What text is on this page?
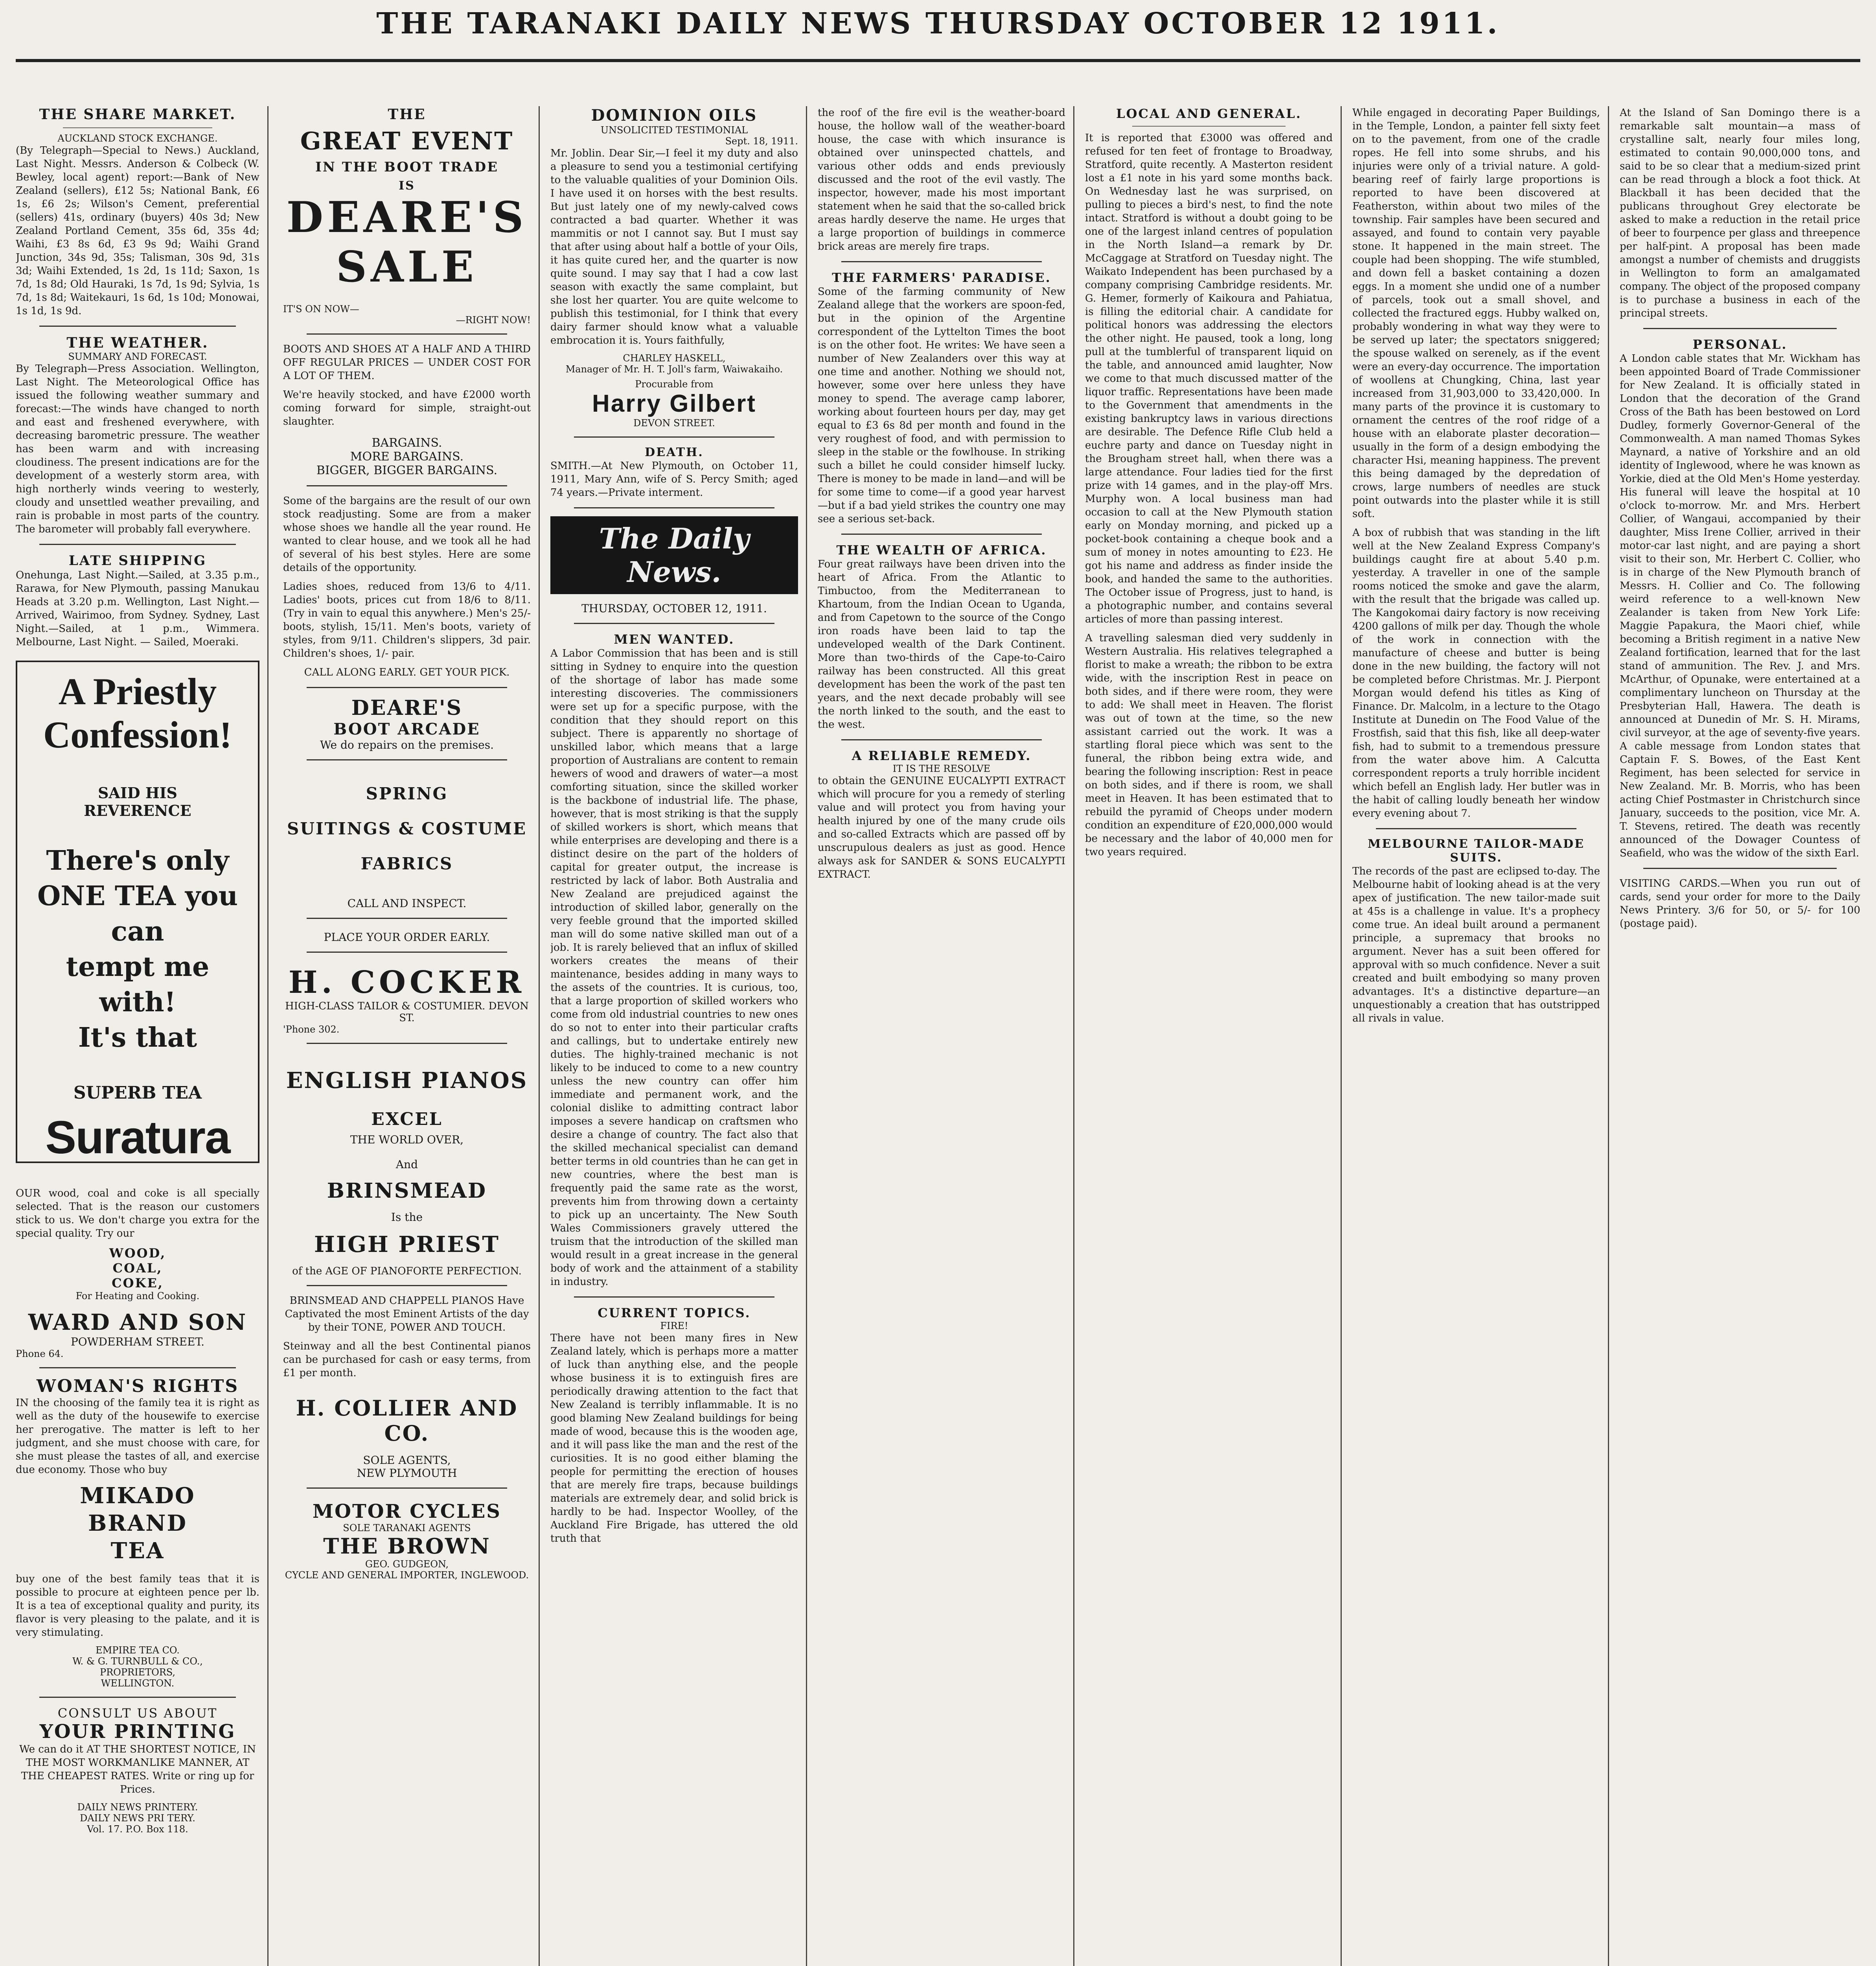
THE TARANAKI DAILY NEWS THURSDAY OCTOBER 12 1911.
THE SHARE MARKET.
AUCKLAND STOCK EXCHANGE.

(By Telegraph—Special to News.) Auckland, Last Night. Messrs. Anderson & Colbeck (W. Bewley, local agent) report:—Bank of New Zealand (sellers), £12 5s; National Bank, £6 1s, £6 2s; Wilson's Cement, preferential (sellers) 41s, ordinary (buyers) 40s 3d; New Zealand Portland Cement, 35s 6d, 35s 4d; Waihi, £3 8s 6d, £3 9s 9d; Waihi Grand Junction, 34s 9d, 35s; Talisman, 30s 9d, 31s 3d; Waihi Extended, 1s 2d, 1s 11d; Saxon, 1s 7d, 1s 8d; Old Hauraki, 1s 7d, 1s 9d; Sylvia, 1s 7d, 1s 8d; Waitekauri, 1s 6d, 1s 10d; Monowai, 1s 1d, 1s 9d.

THE WEATHER.
SUMMARY AND FORECAST.

By Telegraph—Press Association. Wellington, Last Night. The Meteorological Office has issued the following weather summary and forecast:—The winds have changed to north and east and freshened everywhere, with decreasing barometric pressure. The weather has been warm and with increasing cloudiness. The present indications are for the development of a westerly storm area, with high northerly winds veering to westerly, cloudy and unsettled weather prevailing, and rain is probable in most parts of the country. The barometer will probably fall everywhere.

LATE SHIPPING

Onehunga, Last Night.—Sailed, at 3.35 p.m., Rarawa, for New Plymouth, passing Manukau Heads at 3.20 p.m. Wellington, Last Night.—Arrived, Wairimoo, from Sydney. Sydney, Last Night.—Sailed, at 1 p.m., Wimmera. Melbourne, Last Night. — Sailed, Moeraki.

A Priestly
Confession!
SAID HIS REVERENCE
There's only
ONE TEA you can
tempt me with!
It's that
SUPERB TEA
Suratura

OUR wood, coal and coke is all specially selected. That is the reason our customers stick to us. We don't charge you extra for the special quality. Try our

WOOD,
COAL,
COKE,
For Heating and Cooking.
WARD AND SON
POWDERHAM STREET.
Phone 64.
WOMAN'S RIGHTS

IN the choosing of the family tea it is right as well as the duty of the housewife to exercise her prerogative. The matter is left to her judgment, and she must choose with care, for she must please the tastes of all, and exercise due economy. Those who buy

MIKADO
BRAND
TEA

buy one of the best family teas that it is possible to procure at eighteen pence per lb. It is a tea of exceptional quality and purity, its flavor is very pleasing to the palate, and it is very stimulating.

EMPIRE TEA CO.
W. & G. TURNBULL & CO.,
PROPRIETORS,
WELLINGTON.
CONSULT US ABOUT
YOUR PRINTING

We can do it AT THE SHORTEST NOTICE, IN THE MOST WORKMANLIKE MANNER, AT THE CHEAPEST RATES. Write or ring up for Prices.

DAILY NEWS PRINTERY.
DAILY NEWS PRI TERY.
Vol. 17. P.O. Box 118.
THE
GREAT EVENT
IN THE BOOT TRADE
IS
DEARE'S
SALE
IT'S ON NOW—
—RIGHT NOW!

BOOTS AND SHOES AT A HALF AND A THIRD OFF REGULAR PRICES — UNDER COST FOR A LOT OF THEM.

We're heavily stocked, and have £2000 worth coming forward for simple, straight-out slaughter.

BARGAINS.
MORE BARGAINS.
BIGGER, BIGGER BARGAINS.

Some of the bargains are the result of our own stock readjusting. Some are from a maker whose shoes we handle all the year round. He wanted to clear house, and we took all he had of several of his best styles. Here are some details of the opportunity.

Ladies shoes, reduced from 13/6 to 4/11. Ladies' boots, prices cut from 18/6 to 8/11. (Try in vain to equal this anywhere.) Men's 25/- boots, stylish, 15/11. Men's boots, variety of styles, from 9/11. Children's slippers, 3d pair. Children's shoes, 1/- pair.

CALL ALONG EARLY. GET YOUR PICK.

DEARE'S
BOOT ARCADE
We do repairs on the premises.
SPRING
SUITINGS & COSTUME
FABRICS
CALL AND INSPECT.
PLACE YOUR ORDER EARLY.
H. COCKER
HIGH-CLASS TAILOR & COSTUMIER. DEVON ST.
'Phone 302.
ENGLISH PIANOS
EXCEL
THE WORLD OVER,
And
BRINSMEAD
Is the
HIGH PRIEST
of the AGE OF PIANOFORTE PERFECTION.

BRINSMEAD AND CHAPPELL PIANOS Have Captivated the most Eminent Artists of the day by their TONE, POWER AND TOUCH.

Steinway and all the best Continental pianos can be purchased for cash or easy terms, from £1 per month.

H. COLLIER AND CO.
SOLE AGENTS,
NEW PLYMOUTH
MOTOR CYCLES
SOLE TARANAKI AGENTS
THE BROWN
GEO. GUDGEON,
CYCLE AND GENERAL IMPORTER, INGLEWOOD.
DOMINION OILS
UNSOLICITED TESTIMONIAL
Sept. 18, 1911.

Mr. Joblin. Dear Sir,—I feel it my duty and also a pleasure to send you a testimonial certifying to the valuable qualities of your Dominion Oils. I have used it on horses with the best results. But just lately one of my newly-calved cows contracted a bad quarter. Whether it was mammitis or not I cannot say. But I must say that after using about half a bottle of your Oils, it has quite cured her, and the quarter is now quite sound. I may say that I had a cow last season with exactly the same complaint, but she lost her quarter. You are quite welcome to publish this testimonial, for I think that every dairy farmer should know what a valuable embrocation it is. Yours faithfully,

CHARLEY HASKELL,
Manager of Mr. H. T. Joll's farm, Waiwakaiho.
Procurable from
Harry Gilbert
DEVON STREET.
DEATH.

SMITH.—At New Plymouth, on October 11, 1911, Mary Ann, wife of S. Percy Smith; aged 74 years.—Private interment.

The Daily News.
THURSDAY, OCTOBER 12, 1911.
MEN WANTED.

A Labor Commission that has been and is still sitting in Sydney to enquire into the question of the shortage of labor has made some interesting discoveries. The commissioners were set up for a specific purpose, with the condition that they should report on this subject. There is apparently no shortage of unskilled labor, which means that a large proportion of Australians are content to remain hewers of wood and drawers of water—a most comforting situation, since the skilled worker is the backbone of industrial life. The phase, however, that is most striking is that the supply of skilled workers is short, which means that while enterprises are developing and there is a distinct desire on the part of the holders of capital for greater output, the increase is restricted by lack of labor. Both Australia and New Zealand are prejudiced against the introduction of skilled labor, generally on the very feeble ground that the imported skilled man will do some native skilled man out of a job. It is rarely believed that an influx of skilled workers creates the means of their maintenance, besides adding in many ways to the assets of the countries. It is curious, too, that a large proportion of skilled workers who come from old industrial countries to new ones do so not to enter into their particular crafts and callings, but to undertake entirely new duties. The highly-trained mechanic is not likely to be induced to come to a new country unless the new country can offer him immediate and permanent work, and the colonial dislike to admitting contract labor imposes a severe handicap on craftsmen who desire a change of country. The fact also that the skilled mechanical specialist can demand better terms in old countries than he can get in new countries, where the best man is frequently paid the same rate as the worst, prevents him from throwing down a certainty to pick up an uncertainty. The New South Wales Commissioners gravely uttered the truism that the introduction of the skilled man would result in a great increase in the general body of work and the attainment of a stability in industry.

CURRENT TOPICS.
FIRE!

There have not been many fires in New Zealand lately, which is perhaps more a matter of luck than anything else, and the people whose business it is to extinguish fires are periodically drawing attention to the fact that New Zealand is terribly inflammable. It is no good blaming New Zealand buildings for being made of wood, because this is the wooden age, and it will pass like the man and the rest of the curiosities. It is no good either blaming the people for permitting the erection of houses that are merely fire traps, because buildings materials are extremely dear, and solid brick is hardly to be had. Inspector Woolley, of the Auckland Fire Brigade, has uttered the old truth that

the roof of the fire evil is the weather-board house, the hollow wall of the weather-board house, the case with which insurance is obtained over uninspected chattels, and various other odds and ends previously discussed and the root of the evil vastly. The inspector, however, made his most important statement when he said that the so-called brick areas hardly deserve the name. He urges that a large proportion of buildings in commerce brick areas are merely fire traps.

THE FARMERS' PARADISE.

Some of the farming community of New Zealand allege that the workers are spoon-fed, but in the opinion of the Argentine correspondent of the Lyttelton Times the boot is on the other foot. He writes: We have seen a number of New Zealanders over this way at one time and another. Nothing we should not, however, some over here unless they have money to spend. The average camp laborer, working about fourteen hours per day, may get equal to £3 6s 8d per month and found in the very roughest of food, and with permission to sleep in the stable or the fowlhouse. In striking such a billet he could consider himself lucky. There is money to be made in land—and will be for some time to come—if a good year harvest—but if a bad yield strikes the country one may see a serious set-back.

THE WEALTH OF AFRICA.

Four great railways have been driven into the heart of Africa. From the Atlantic to Timbuctoo, from the Mediterranean to Khartoum, from the Indian Ocean to Uganda, and from Capetown to the source of the Congo iron roads have been laid to tap the undeveloped wealth of the Dark Continent. More than two-thirds of the Cape-to-Cairo railway has been constructed. All this great development has been the work of the past ten years, and the next decade probably will see the north linked to the south, and the east to the west.

A RELIABLE REMEDY.
IT IS THE RESOLVE

to obtain the GENUINE EUCALYPTI EXTRACT which will procure for you a remedy of sterling value and will protect you from having your health injured by one of the many crude oils and so-called Extracts which are passed off by unscrupulous dealers as just as good. Hence always ask for SANDER & SONS EUCALYPTI EXTRACT.

LOCAL AND GENERAL.

It is reported that £3000 was offered and refused for ten feet of frontage to Broadway, Stratford, quite recently. A Masterton resident lost a £1 note in his yard some months back. On Wednesday last he was surprised, on pulling to pieces a bird's nest, to find the note intact. Stratford is without a doubt going to be one of the largest inland centres of population in the North Island—a remark by Dr. McCaggage at Stratford on Tuesday night. The Waikato Independent has been purchased by a company comprising Cambridge residents. Mr. G. Hemer, formerly of Kaikoura and Pahiatua, is filling the editorial chair. A candidate for political honors was addressing the electors the other night. He paused, took a long, long pull at the tumblerful of transparent liquid on the table, and announced amid laughter, Now we come to that much discussed matter of the liquor traffic. Representations have been made to the Government that amendments in the existing bankruptcy laws in various directions are desirable. The Defence Rifle Club held a euchre party and dance on Tuesday night in the Brougham street hall, when there was a large attendance. Four ladies tied for the first prize with 14 games, and in the play-off Mrs. Murphy won. A local business man had occasion to call at the New Plymouth station early on Monday morning, and picked up a pocket-book containing a cheque book and a sum of money in notes amounting to £23. He got his name and address as finder inside the book, and handed the same to the authorities. The October issue of Progress, just to hand, is a photographic number, and contains several articles of more than passing interest.

A travelling salesman died very suddenly in Western Australia. His relatives telegraphed a florist to make a wreath; the ribbon to be extra wide, with the inscription Rest in peace on both sides, and if there were room, they were to add: We shall meet in Heaven. The florist was out of town at the time, so the new assistant carried out the work. It was a startling floral piece which was sent to the funeral, the ribbon being extra wide, and bearing the following inscription: Rest in peace on both sides, and if there is room, we shall meet in Heaven. It has been estimated that to rebuild the pyramid of Cheops under modern condition an expenditure of £20,000,000 would be necessary and the labor of 40,000 men for two years required.

While engaged in decorating Paper Buildings, in the Temple, London, a painter fell sixty feet on to the pavement, from one of the cradle ropes. He fell into some shrubs, and his injuries were only of a trivial nature. A gold-bearing reef of fairly large proportions is reported to have been discovered at Featherston, within about two miles of the township. Fair samples have been secured and assayed, and found to contain very payable stone. It happened in the main street. The couple had been shopping. The wife stumbled, and down fell a basket containing a dozen eggs. In a moment she undid one of a number of parcels, took out a small shovel, and collected the fractured eggs. Hubby walked on, probably wondering in what way they were to be served up later; the spectators sniggered; the spouse walked on serenely, as if the event were an every-day occurrence. The importation of woollens at Chungking, China, last year increased from 31,903,000 to 33,420,000. In many parts of the province it is customary to ornament the centres of the roof ridge of a house with an elaborate plaster decoration—usually in the form of a design embodying the character Hsi, meaning happiness. The prevent this being damaged by the depredation of crows, large numbers of needles are stuck point outwards into the plaster while it is still soft.

A box of rubbish that was standing in the lift well at the New Zealand Express Company's buildings caught fire at about 5.40 p.m. yesterday. A traveller in one of the sample rooms noticed the smoke and gave the alarm, with the result that the brigade was called up. The Kangokomai dairy factory is now receiving 4200 gallons of milk per day. Though the whole of the work in connection with the manufacture of cheese and butter is being done in the new building, the factory will not be completed before Christmas. Mr. J. Pierpont Morgan would defend his titles as King of Finance. Dr. Malcolm, in a lecture to the Otago Institute at Dunedin on The Food Value of the Frostfish, said that this fish, like all deep-water fish, had to submit to a tremendous pressure from the water above him. A Calcutta correspondent reports a truly horrible incident which befell an English lady. Her butler was in the habit of calling loudly beneath her window every evening about 7.

MELBOURNE TAILOR-MADE SUITS.

The records of the past are eclipsed to-day. The Melbourne habit of looking ahead is at the very apex of justification. The new tailor-made suit at 45s is a challenge in value. It's a prophecy come true. An ideal built around a permanent principle, a supremacy that brooks no argument. Never has a suit been offered for approval with so much confidence. Never a suit created and built embodying so many proven advantages. It's a distinctive departure—an unquestionably a creation that has outstripped all rivals in value.

At the Island of San Domingo there is a remarkable salt mountain—a mass of crystalline salt, nearly four miles long, estimated to contain 90,000,000 tons, and said to be so clear that a medium-sized print can be read through a block a foot thick. At Blackball it has been decided that the publicans throughout Grey electorate be asked to make a reduction in the retail price of beer to fourpence per glass and threepence per half-pint. A proposal has been made amongst a number of chemists and druggists in Wellington to form an amalgamated company. The object of the proposed company is to purchase a business in each of the principal streets.

PERSONAL.

A London cable states that Mr. Wickham has been appointed Board of Trade Commissioner for New Zealand. It is officially stated in London that the decoration of the Grand Cross of the Bath has been bestowed on Lord Dudley, formerly Governor-General of the Commonwealth. A man named Thomas Sykes Maynard, a native of Yorkshire and an old identity of Inglewood, where he was known as Yorkie, died at the Old Men's Home yesterday. His funeral will leave the hospital at 10 o'clock to-morrow. Mr. and Mrs. Herbert Collier, of Wangaui, accompanied by their daughter, Miss Irene Collier, arrived in their motor-car last night, and are paying a short visit to their son, Mr. Herbert C. Collier, who is in charge of the New Plymouth branch of Messrs. H. Collier and Co. The following weird reference to a well-known New Zealander is taken from New York Life: Maggie Papakura, the Maori chief, while becoming a British regiment in a native New Zealand fortification, learned that for the last stand of ammunition. The Rev. J. and Mrs. McArthur, of Opunake, were entertained at a complimentary luncheon on Thursday at the Presbyterian Hall, Hawera. The death is announced at Dunedin of Mr. S. H. Mirams, civil surveyor, at the age of seventy-five years. A cable message from London states that Captain F. S. Bowes, of the East Kent Regiment, has been selected for service in New Zealand. Mr. B. Morris, who has been acting Chief Postmaster in Christchurch since January, succeeds to the position, vice Mr. A. T. Stevens, retired. The death was recently announced of the Dowager Countess of Seafield, who was the widow of the sixth Earl.

VISITING CARDS.—When you run out of cards, send your order for more to the Daily News Printery. 3/6 for 50, or 5/- for 100 (postage paid).
